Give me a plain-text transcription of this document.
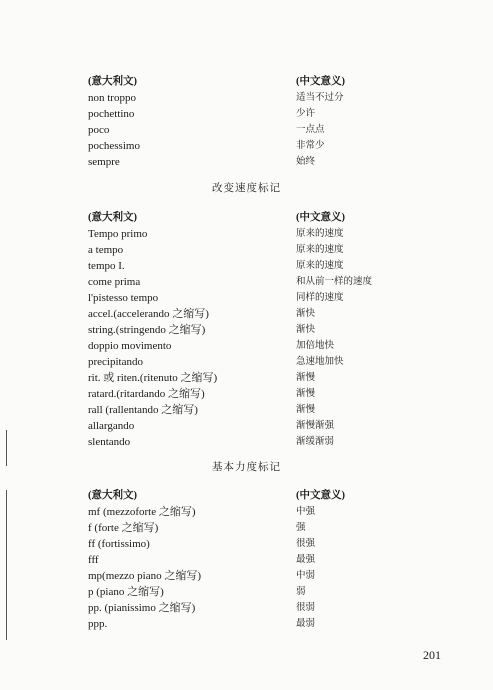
(意大利文)	(中文意义)
non troppo	适当不过分
pochettino	少许
poco	一点点
pochessimo	非常少
sempre	始终
改变速度标记
(意大利文)	(中文意义)
Tempo primo	原来的速度
a tempo	原来的速度
tempo I.	原来的速度
come prima	和从前一样的速度
l'pistesso tempo	同样的速度
accel.(accelerando 之缩写)	渐快
string.(stringendo 之缩写)	渐快
doppio movimento	加倍地快
precipitando	急速地加快
rit. 或 riten.(ritenuto 之缩写)	渐慢
ratard.(ritardando 之缩写)	渐慢
rall (rallentando 之缩写)	渐慢
allargando	渐慢渐强
slentando	渐缓渐弱
基本力度标记
(意大利文)	(中文意义)
mf (mezzoforte 之缩写)	中强
f (forte 之缩写)	强
ff (fortissimo)	很强
fff	最强
mp(mezzo piano 之缩写)	中弱
p (piano 之缩写)	弱
pp. (pianissimo 之缩写)	很弱
ppp.	最弱
201
